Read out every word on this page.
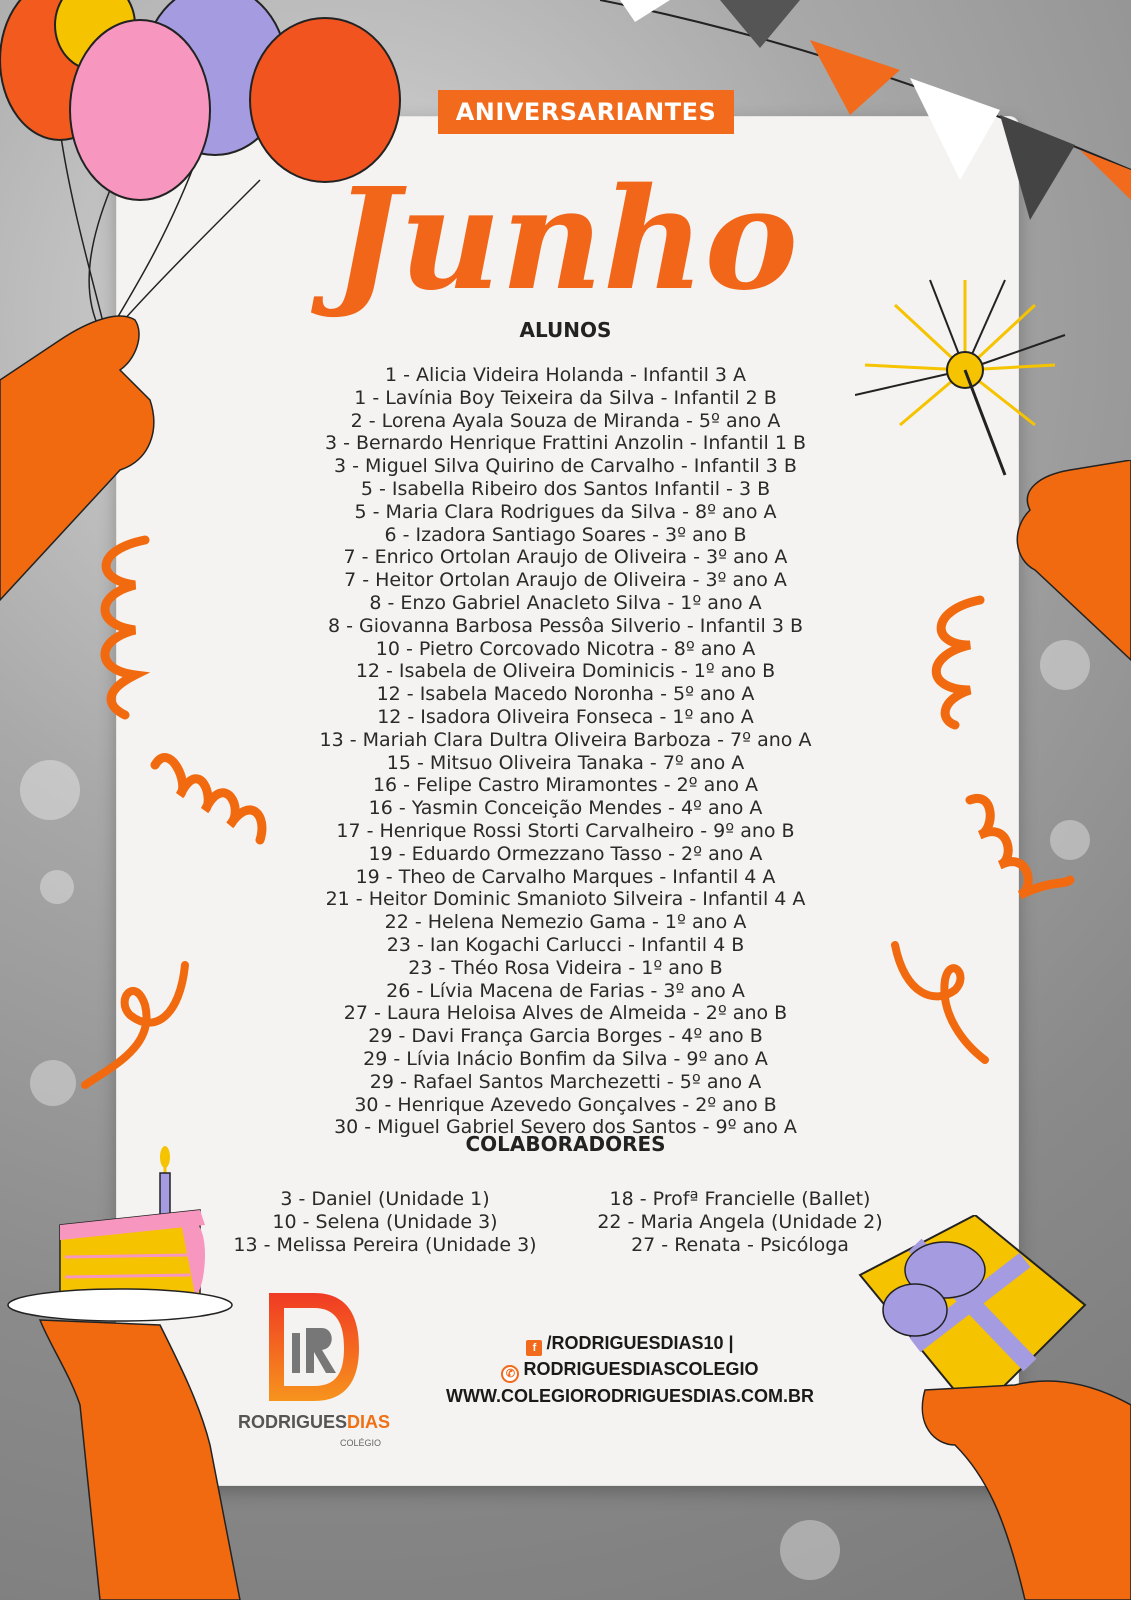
ANIVERSARIANTES
Junho
ALUNOS
1 - Alicia Videira Holanda - Infantil 3 A
1 - Lavínia Boy Teixeira da Silva - Infantil 2 B
2 - Lorena Ayala Souza de Miranda - 5º ano A
3 - Bernardo Henrique Frattini Anzolin - Infantil 1 B
3 - Miguel Silva Quirino de Carvalho - Infantil 3 B
5 - Isabella Ribeiro dos Santos Infantil - 3 B
5 - Maria Clara Rodrigues da Silva - 8º ano A
6 - Izadora Santiago Soares - 3º ano B
7 - Enrico Ortolan Araujo de Oliveira - 3º ano A
7 - Heitor Ortolan Araujo de Oliveira - 3º ano A
8 - Enzo Gabriel Anacleto Silva - 1º ano A
8 - Giovanna Barbosa Pessôa Silverio - Infantil 3 B
10 - Pietro Corcovado Nicotra - 8º ano A
12 - Isabela de Oliveira Dominicis - 1º ano B
12 - Isabela Macedo Noronha - 5º ano A
12 - Isadora Oliveira Fonseca - 1º ano A
13 - Mariah Clara Dultra Oliveira Barboza - 7º ano A
15 - Mitsuo Oliveira Tanaka - 7º ano A
16 - Felipe Castro Miramontes - 2º ano A
16 - Yasmin Conceição Mendes - 4º ano A
17 - Henrique Rossi Storti Carvalheiro - 9º ano B
19 - Eduardo Ormezzano Tasso - 2º ano A
19 - Theo de Carvalho Marques - Infantil 4 A
21 - Heitor Dominic Smanioto Silveira - Infantil 4 A
22 - Helena Nemezio Gama - 1º ano A
23 - Ian Kogachi Carlucci - Infantil 4 B
23 - Théo Rosa Videira - 1º ano B
26 - Lívia Macena de Farias - 3º ano A
27 - Laura Heloisa Alves de Almeida - 2º ano B
29 - Davi França Garcia Borges - 4º ano B
29 - Lívia Inácio Bonfim da Silva - 9º ano A
29 - Rafael Santos Marchezetti - 5º ano A
30 - Henrique Azevedo Gonçalves - 2º ano B
30 - Miguel Gabriel Severo dos Santos - 9º ano A
COLABORADORES
3 - Daniel (Unidade 1)
10 - Selena (Unidade 3)
13 - Melissa Pereira (Unidade 3)
18 - Profª Francielle (Ballet)
22 - Maria Angela (Unidade 2)
27 - Renata - Psicóloga
RODRIGUESDIAS
COLÉGIO
f /RODRIGUESDIAS10 |
✆ RODRIGUESDIASCOLEGIO
WWW.COLEGIORODRIGUESDIAS.COM.BR
